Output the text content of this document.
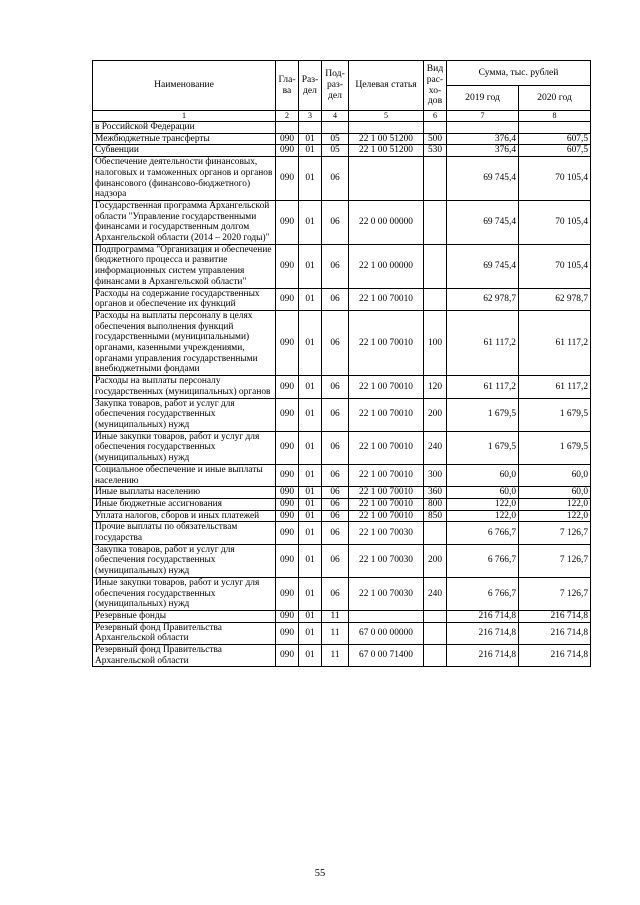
Наименование	Гла-ва	Раз-дел	Под-раз-дел	Целевая статья	Вид рас-хо-дов	Сумма, тыс. рублей	
						2019 год	2020 год
1	2	3	4	5	6	7	8
в Российской Федерации							
Межбюджетные трансферты	090	01	05	22 1 00 51200	500	376,4	607,5
Субвенции	090	01	05	22 1 00 51200	530	376,4	607,5
Обеспечение деятельности финансовых, налоговых и таможенных органов и органов финансового (финансово-бюджетного) надзора	090	01	06			69 745,4	70 105,4
Государственная программа Архангельской области "Управление государственными финансами и государственным долгом Архангельской области (2014 – 2020 годы)"	090	01	06	22 0 00 00000		69 745,4	70 105,4
Подпрограмма "Организация и обеспечение бюджетного процесса и развитие информационных систем управления финансами в Архангельской области"	090	01	06	22 1 00 00000		69 745,4	70 105,4
Расходы на содержание государственных органов и обеспечение их функций	090	01	06	22 1 00 70010		62 978,7	62 978,7
Расходы на выплаты персоналу в целях обеспечения выполнения функций государственными (муниципальными) органами, казенными учреждениями, органами управления государственными внебюджетными фондами	090	01	06	22 1 00 70010	100	61 117,2	61 117,2
Расходы на выплаты персоналу государственных (муниципальных) органов	090	01	06	22 1 00 70010	120	61 117,2	61 117,2
Закупка товаров, работ и услуг для обеспечения государственных (муниципальных) нужд	090	01	06	22 1 00 70010	200	1 679,5	1 679,5
Иные закупки товаров, работ и услуг для обеспечения государственных (муниципальных) нужд	090	01	06	22 1 00 70010	240	1 679,5	1 679,5
Социальное обеспечение и иные выплаты населению	090	01	06	22 1 00 70010	300	60,0	60,0
Иные выплаты населению	090	01	06	22 1 00 70010	360	60,0	60,0
Иные бюджетные ассигнования	090	01	06	22 1 00 70010	800	122,0	122,0
Уплата налогов, сборов и иных платежей	090	01	06	22 1 00 70010	850	122,0	122,0
Прочие выплаты по обязательствам государства	090	01	06	22 1 00 70030		6 766,7	7 126,7
Закупка товаров, работ и услуг для обеспечения государственных (муниципальных) нужд	090	01	06	22 1 00 70030	200	6 766,7	7 126,7
Иные закупки товаров, работ и услуг для обеспечения государственных (муниципальных) нужд	090	01	06	22 1 00 70030	240	6 766,7	7 126,7
Резервные фонды	090	01	11			216 714,8	216 714,8
Резервный фонд Правительства Архангельской области	090	01	11	67 0 00 00000		216 714,8	216 714,8
Резервный фонд Правительства Архангельской области	090	01	11	67 0 00 71400		216 714,8	216 714,8
55
